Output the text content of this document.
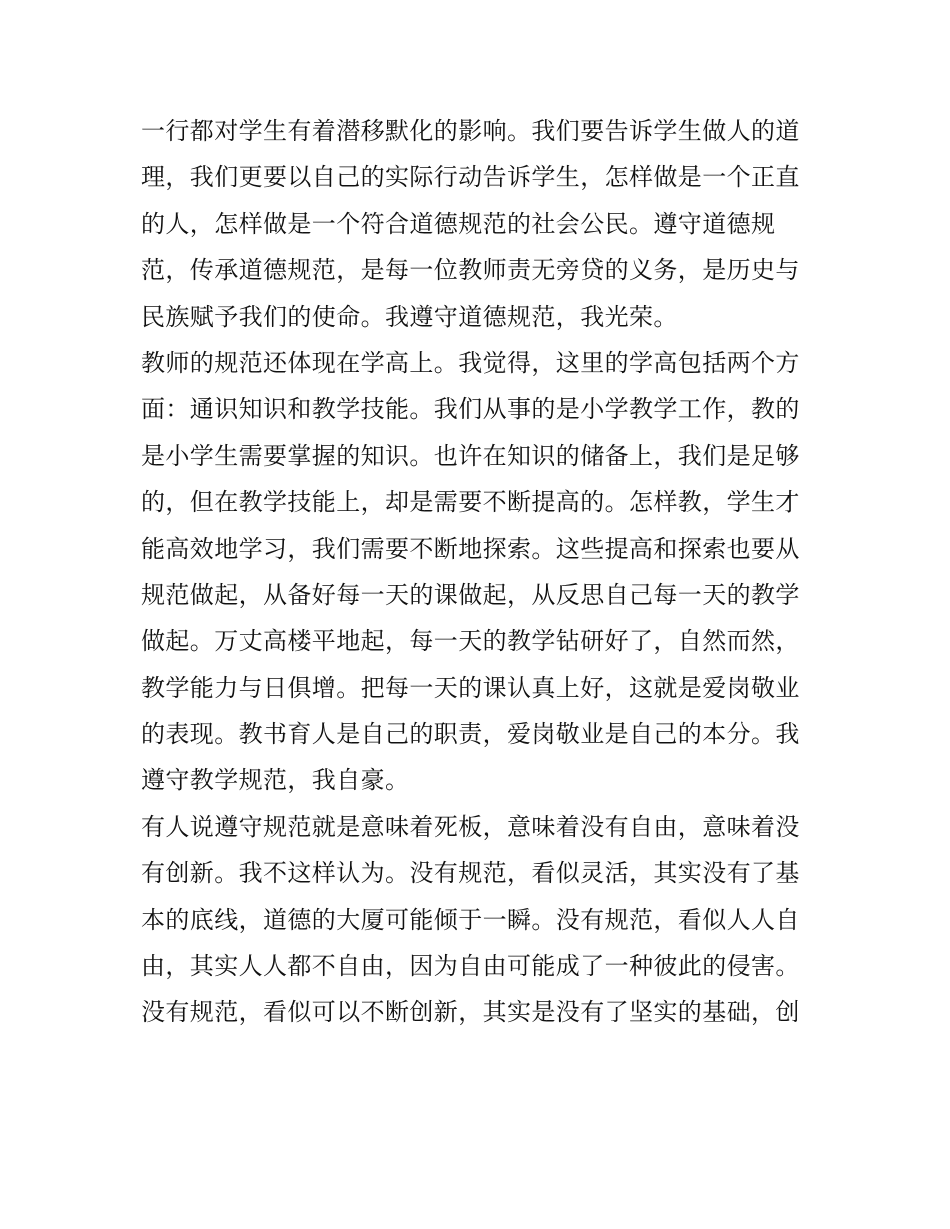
一行都对学生有着潜移默化的影响。我们要告诉学生做人的道
理，我们更要以自己的实际行动告诉学生，怎样做是一个正直
的人，怎样做是一个符合道德规范的社会公民。遵守道德规
范，传承道德规范，是每一位教师责无旁贷的义务，是历史与
民族赋予我们的使命。我遵守道德规范，我光荣。
教师的规范还体现在学高上。我觉得，这里的学高包括两个方
面：通识知识和教学技能。我们从事的是小学教学工作，教的
是小学生需要掌握的知识。也许在知识的储备上，我们是足够
的，但在教学技能上，却是需要不断提高的。怎样教，学生才
能高效地学习，我们需要不断地探索。这些提高和探索也要从
规范做起，从备好每一天的课做起，从反思自己每一天的教学
做起。万丈高楼平地起，每一天的教学钻研好了，自然而然，
教学能力与日俱增。把每一天的课认真上好，这就是爱岗敬业
的表现。教书育人是自己的职责，爱岗敬业是自己的本分。我
遵守教学规范，我自豪。
有人说遵守规范就是意味着死板，意味着没有自由，意味着没
有创新。我不这样认为。没有规范，看似灵活，其实没有了基
本的底线，道德的大厦可能倾于一瞬。没有规范，看似人人自
由，其实人人都不自由，因为自由可能成了一种彼此的侵害。
没有规范，看似可以不断创新，其实是没有了坚实的基础，创
